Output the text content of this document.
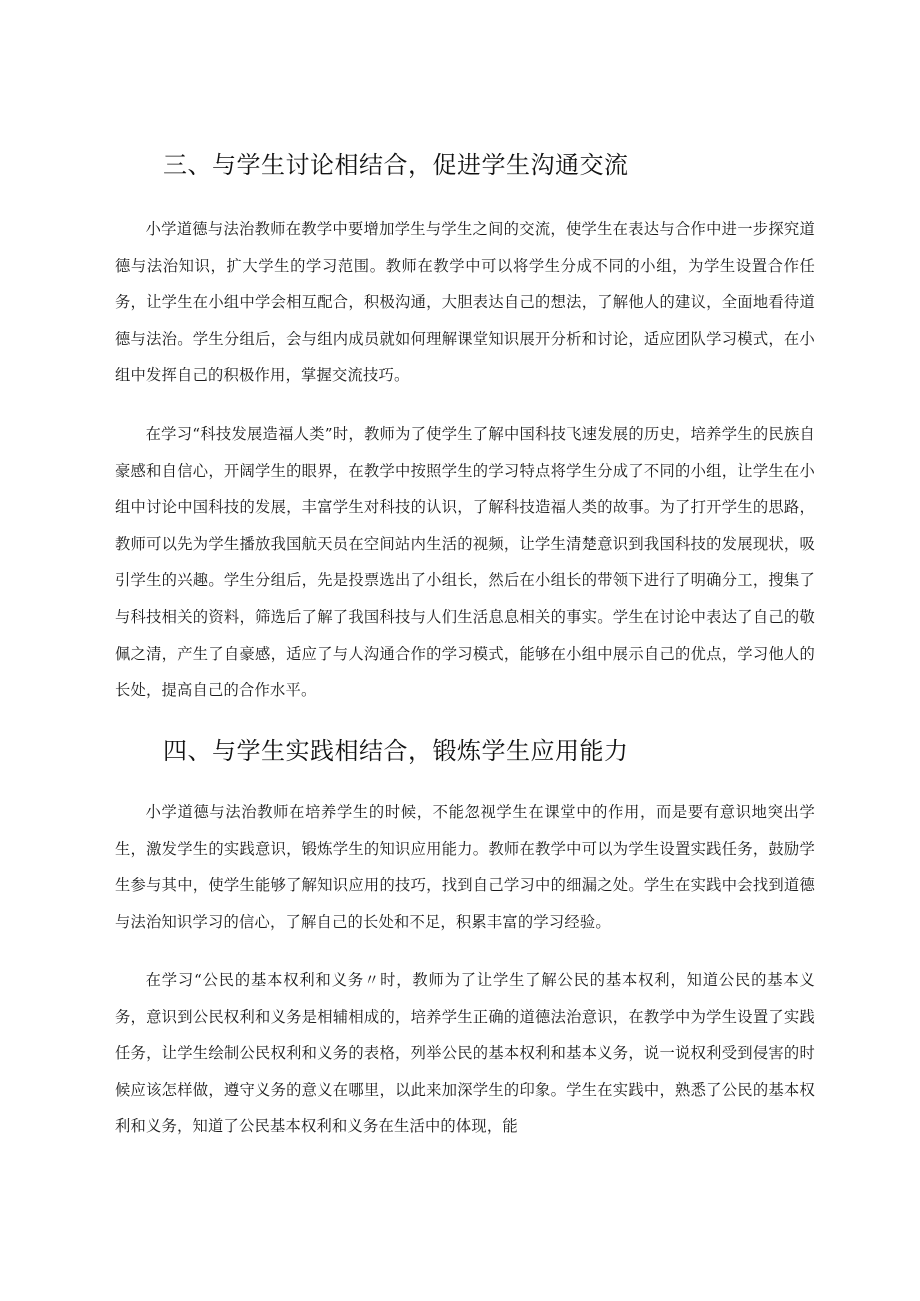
三、与学生讨论相结合，促进学生沟通交流

小学道德与法治教师在教学中要增加学生与学生之间的交流，使学生在表达与合作中进一步探究道德与法治知识，扩大学生的学习范围。教师在教学中可以将学生分成不同的小组，为学生设置合作任务，让学生在小组中学会相互配合，积极沟通，大胆表达自己的想法，了解他人的建议，全面地看待道德与法治。学生分组后，会与组内成员就如何理解课堂知识展开分析和讨论，适应团队学习模式，在小组中发挥自己的积极作用，掌握交流技巧。

在学习“科技发展造福人类”时，教师为了使学生了解中国科技飞速发展的历史，培养学生的民族自豪感和自信心，开阔学生的眼界，在教学中按照学生的学习特点将学生分成了不同的小组，让学生在小组中讨论中国科技的发展，丰富学生对科技的认识，了解科技造福人类的故事。为了打开学生的思路，教师可以先为学生播放我国航天员在空间站内生活的视频，让学生清楚意识到我国科技的发展现状，吸引学生的兴趣。学生分组后，先是投票选出了小组长，然后在小组长的带领下进行了明确分工，搜集了与科技相关的资料，筛选后了解了我国科技与人们生活息息相关的事实。学生在讨论中表达了自己的敬佩之清，产生了自豪感，适应了与人沟通合作的学习模式，能够在小组中展示自己的优点，学习他人的长处，提高自己的合作水平。

四、与学生实践相结合，锻炼学生应用能力

小学道德与法治教师在培养学生的时候，不能忽视学生在课堂中的作用，而是要有意识地突出学生，激发学生的实践意识，锻炼学生的知识应用能力。教师在教学中可以为学生设置实践任务，鼓励学生参与其中，使学生能够了解知识应用的技巧，找到自己学习中的细漏之处。学生在实践中会找到道德与法治知识学习的信心，了解自己的长处和不足，积累丰富的学习经验。

在学习“公民的基本权利和义务〃时，教师为了让学生了解公民的基本权利，知道公民的基本义务，意识到公民权利和义务是相辅相成的，培养学生正确的道德法治意识，在教学中为学生设置了实践任务，让学生绘制公民权利和义务的表格，列举公民的基本权利和基本义务，说一说权利受到侵害的时候应该怎样做，遵守义务的意义在哪里，以此来加深学生的印象。学生在实践中，熟悉了公民的基本权利和义务，知道了公民基本权利和义务在生活中的体现，能
